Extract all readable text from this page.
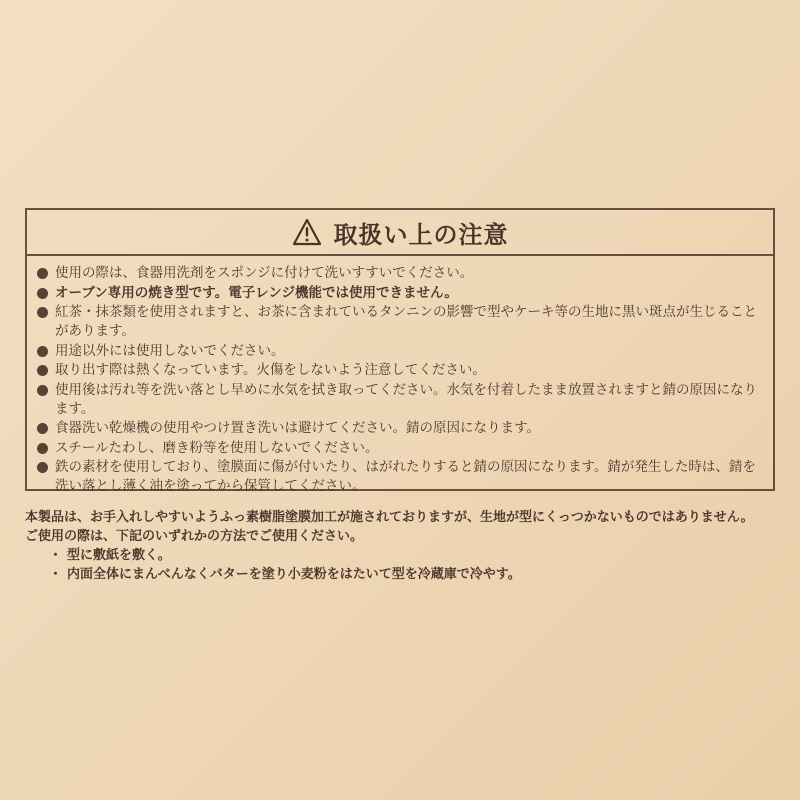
取扱い上の注意
使用の際は、食器用洗剤をスポンジに付けて洗いすすいでください。
オーブン専用の焼き型です。電子レンジ機能では使用できません。
紅茶・抹茶類を使用されますと、お茶に含まれているタンニンの影響で型やケーキ等の生地に黒い斑点が生じることがあります。
用途以外には使用しないでください。
取り出す際は熱くなっています。火傷をしないよう注意してください。
使用後は汚れ等を洗い落とし早めに水気を拭き取ってください。水気を付着したまま放置されますと錆の原因になります。
食器洗い乾燥機の使用やつけ置き洗いは避けてください。錆の原因になります。
スチールたわし、磨き粉等を使用しないでください。
鉄の素材を使用しており、塗膜面に傷が付いたり、はがれたりすると錆の原因になります。錆が発生した時は、錆を洗い落とし薄く油を塗ってから保管してください。

本製品は、お手入れしやすいようふっ素樹脂塗膜加工が施されておりますが、生地が型にくっつかないものではありません。

ご使用の際は、下記のいずれかの方法でご使用ください。

・ 型に敷紙を敷く。
・ 内面全体にまんべんなくバターを塗り小麦粉をはたいて型を冷蔵庫で冷やす。
